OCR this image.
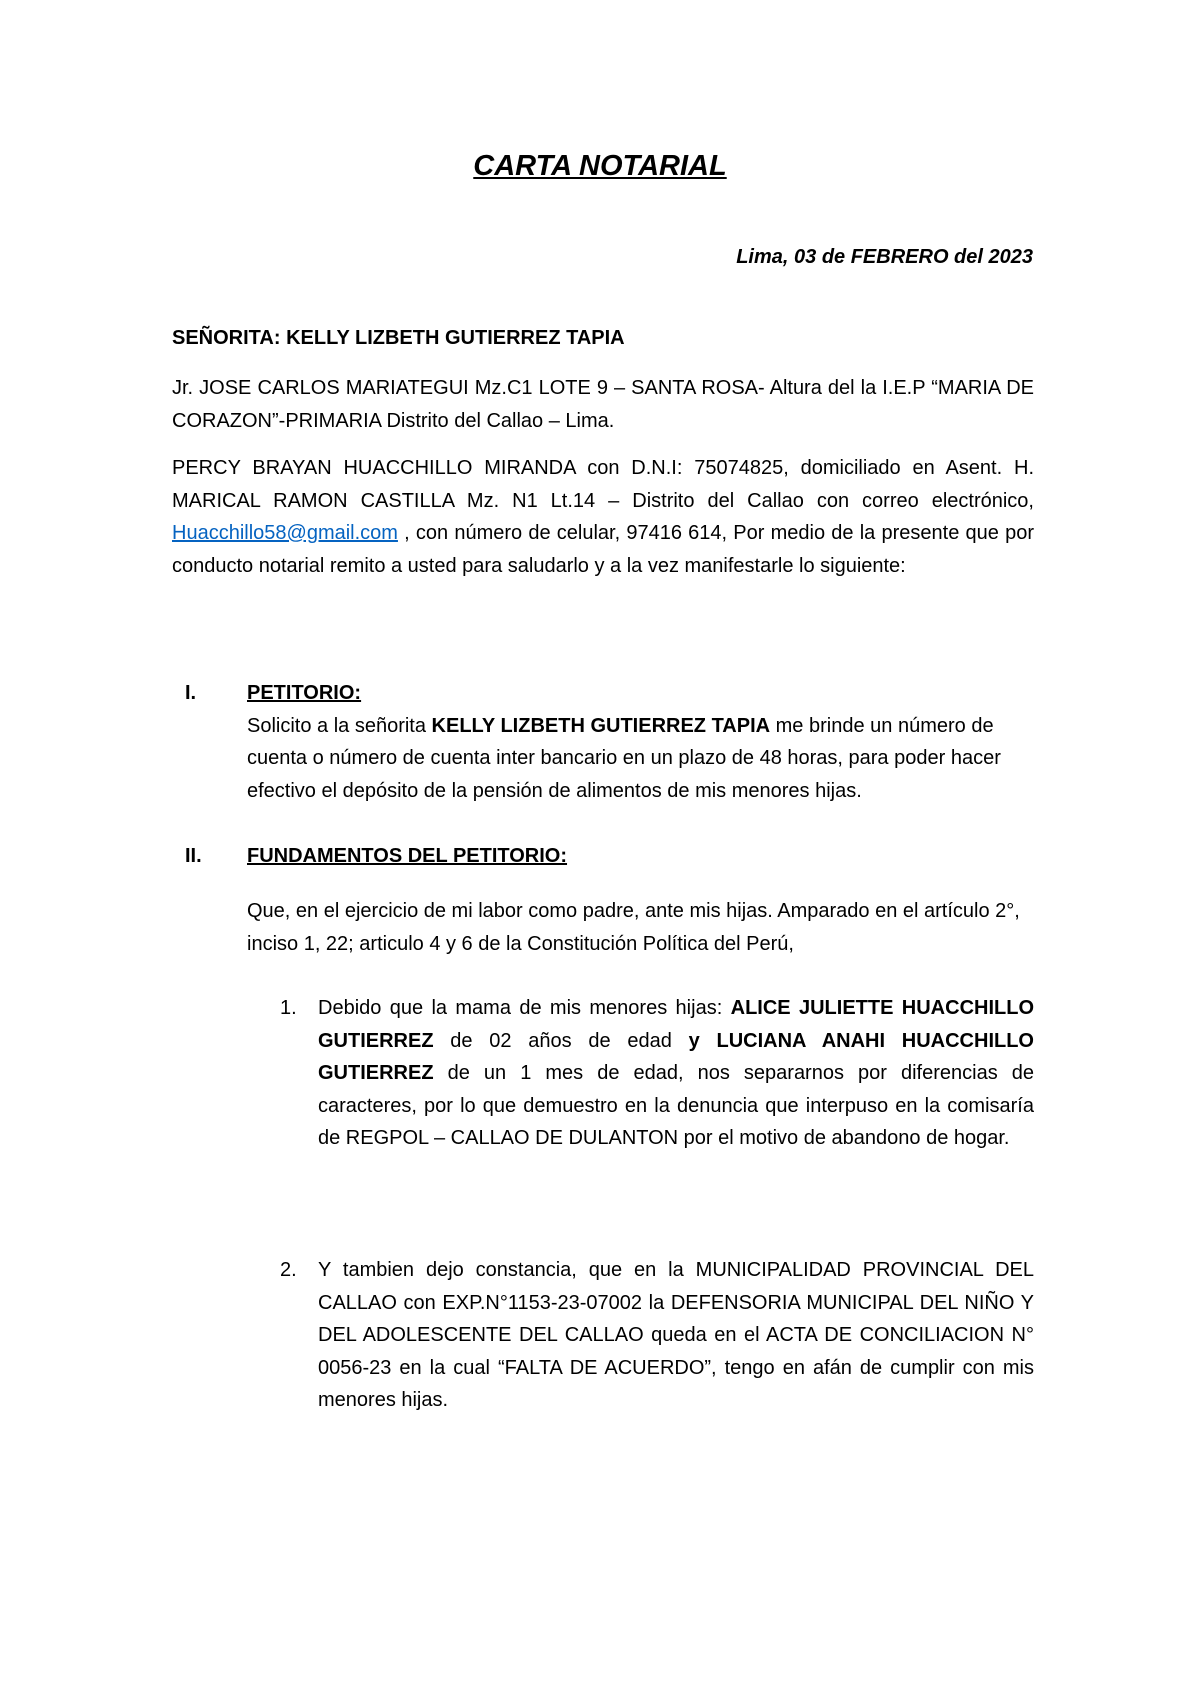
CARTA NOTARIAL
Lima, 03 de FEBRERO del 2023
SEÑORITA: KELLY LIZBETH GUTIERREZ TAPIA
Jr. JOSE CARLOS MARIATEGUI Mz.C1 LOTE 9 – SANTA ROSA- Altura del la I.E.P “MARIA DE CORAZON”-PRIMARIA Distrito del Callao – Lima.
PERCY BRAYAN HUACCHILLO MIRANDA con D.N.I: 75074825, domiciliado en Asent. H. MARICAL RAMON CASTILLA Mz. N1 Lt.14 – Distrito del Callao con correo electrónico, Huacchillo58@gmail.com , con número de celular, 97416 614, Por medio de la presente que por conducto notarial remito a usted para saludarlo y a la vez manifestarle lo siguiente:
I.	PETITORIO:
Solicito a la señorita KELLY LIZBETH GUTIERREZ TAPIA me brinde un número de cuenta o número de cuenta inter bancario en un plazo de 48 horas, para poder hacer efectivo el depósito de la pensión de alimentos de mis menores hijas.
II. FUNDAMENTOS DEL PETITORIO:
Que, en el ejercicio de mi labor como padre, ante mis hijas. Amparado en el artículo 2°, inciso 1, 22; articulo 4 y 6 de la Constitución Política del Perú,
1. Debido que la mama de mis menores hijas: ALICE JULIETTE HUACCHILLO GUTIERREZ de 02 años de edad y LUCIANA ANAHI HUACCHILLO GUTIERREZ de un 1 mes de edad, nos separarnos por diferencias de caracteres, por lo que demuestro en la denuncia que interpuso en la comisaría de REGPOL – CALLAO DE DULANTON por el motivo de abandono de hogar.
2. Y tambien dejo constancia, que en la MUNICIPALIDAD PROVINCIAL DEL CALLAO con EXP.N°1153-23-07002 la DEFENSORIA MUNICIPAL DEL NIÑO Y DEL ADOLESCENTE DEL CALLAO queda en el ACTA DE CONCILIACION N° 0056-23 en la cual “FALTA DE ACUERDO”, tengo en afán de cumplir con mis menores hijas.
